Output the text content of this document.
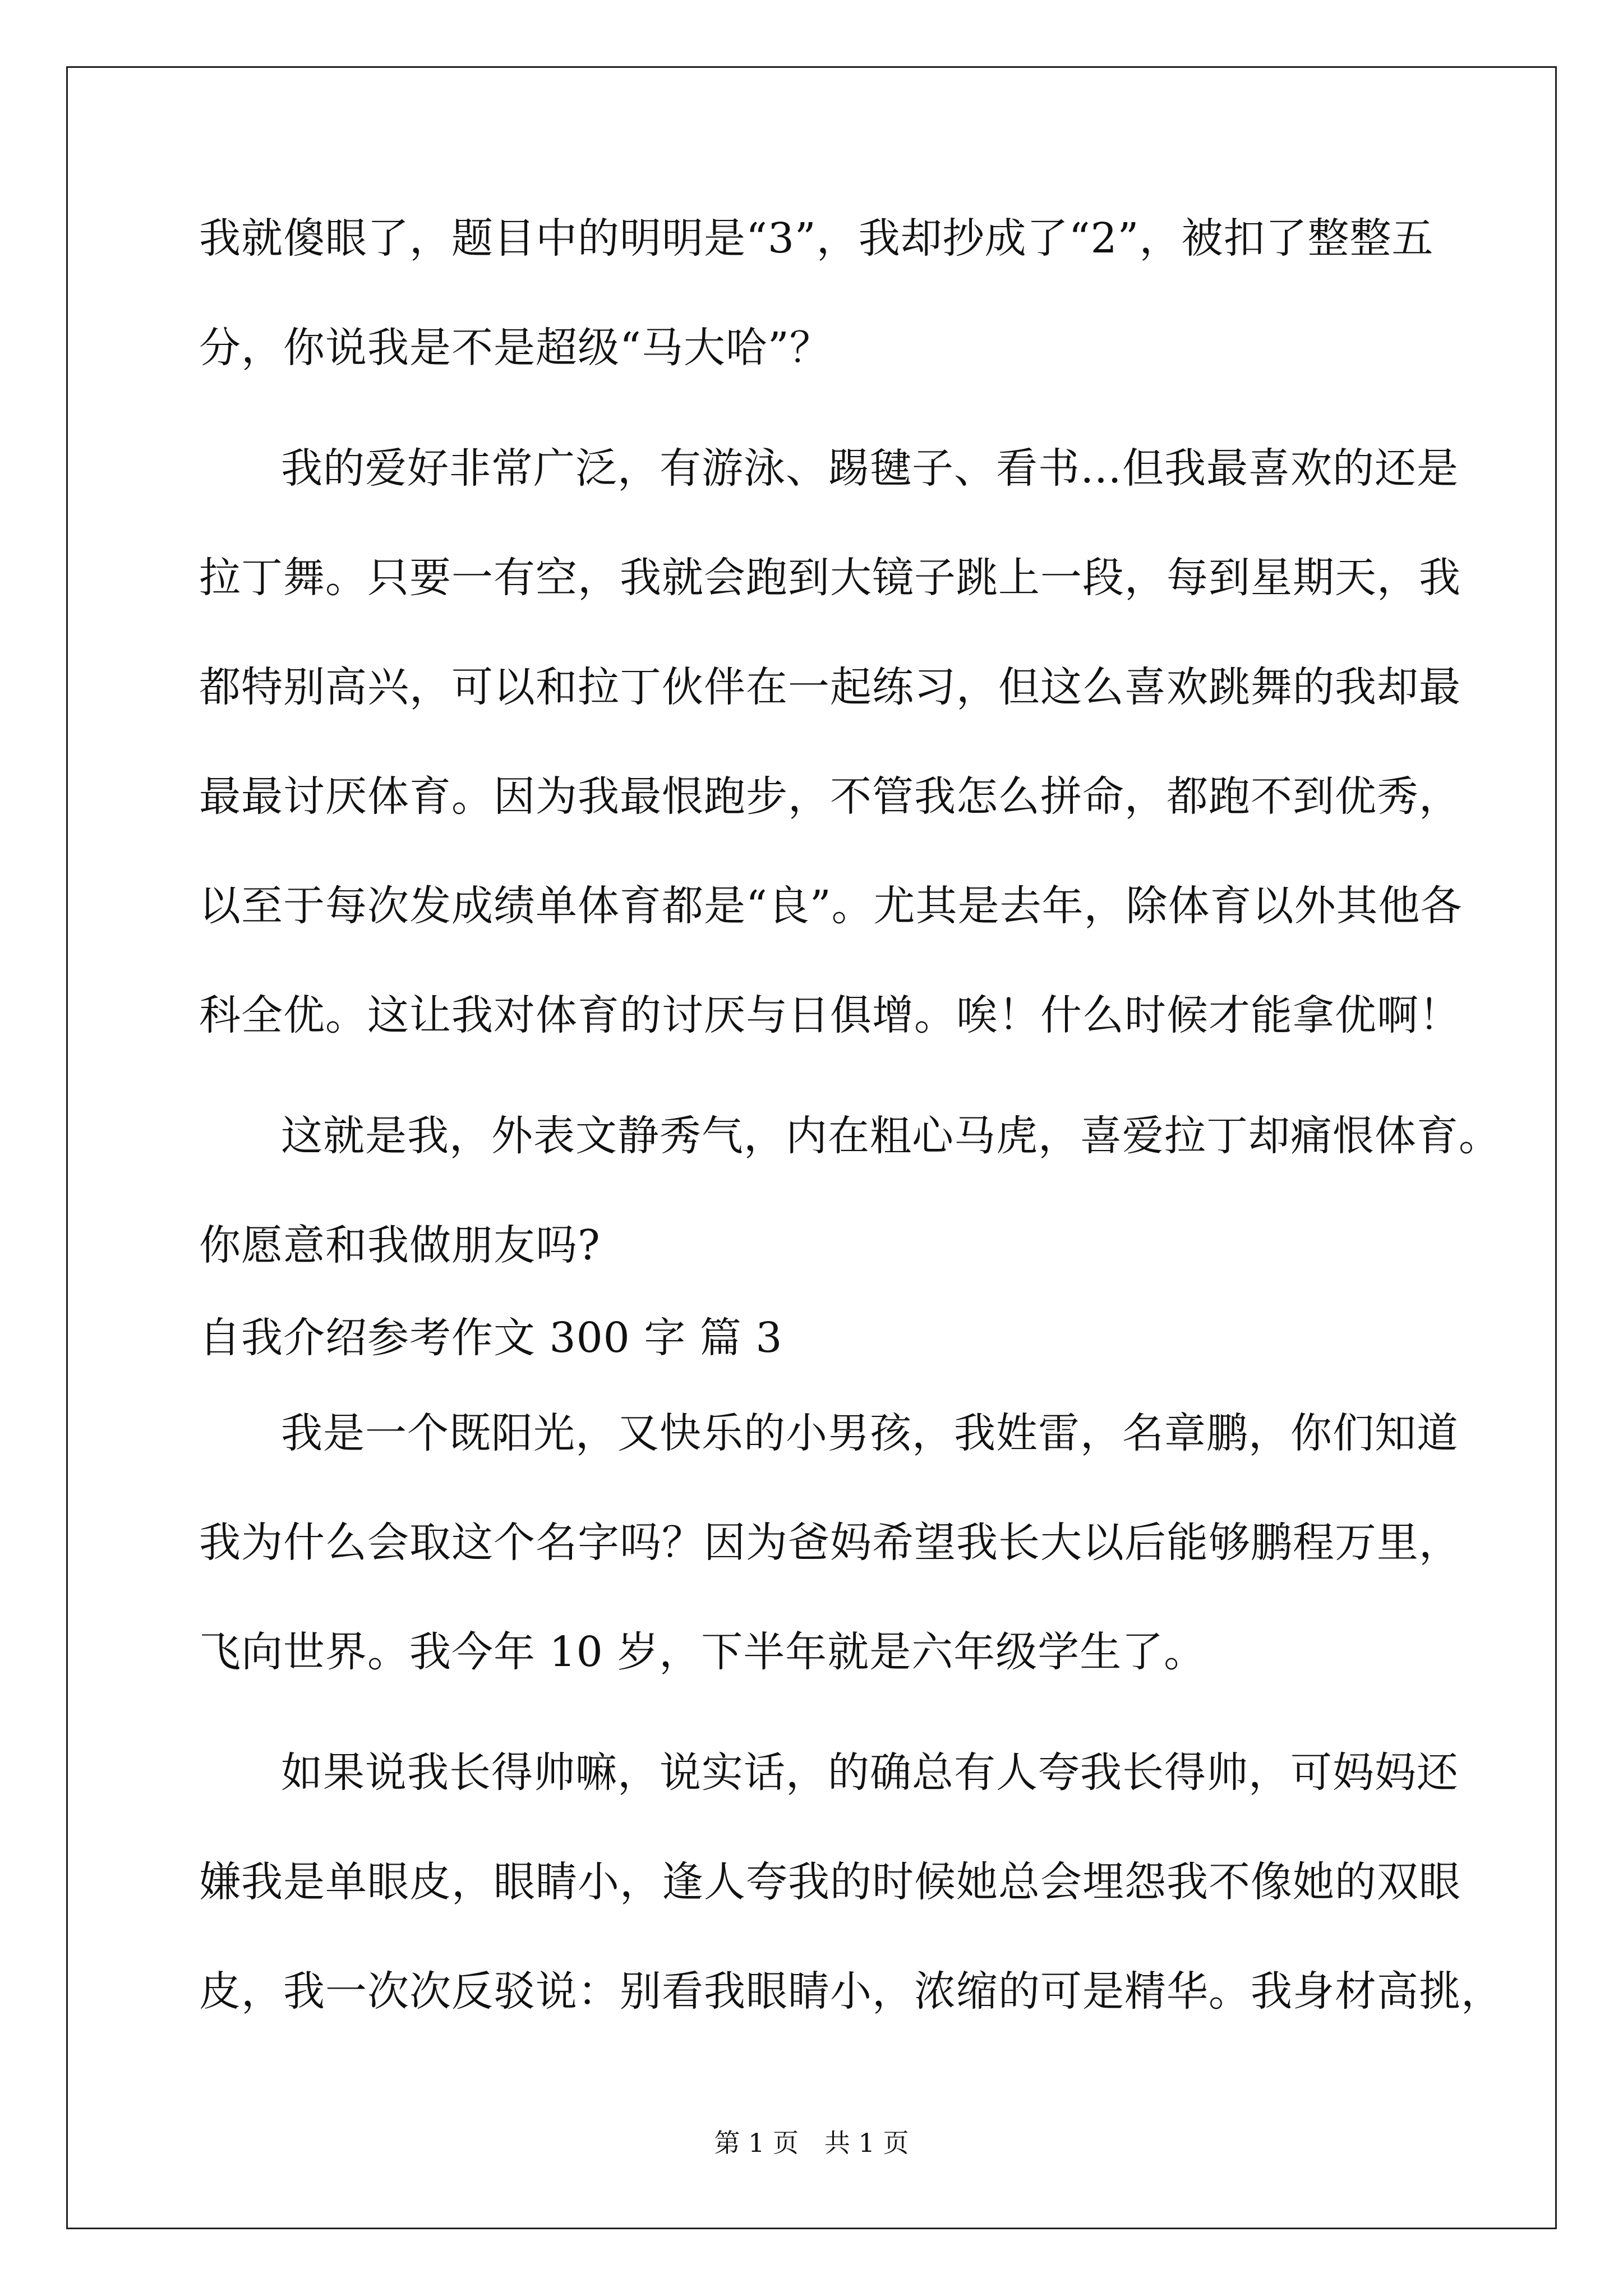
我就傻眼了，题目中的明明是“3”，我却抄成了“2”，被扣了整整五
分，你说我是不是超级“马大哈”？
我的爱好非常广泛，有游泳、踢毽子、看书…但我最喜欢的还是
拉丁舞。只要一有空，我就会跑到大镜子跳上一段，每到星期天，我
都特别高兴，可以和拉丁伙伴在一起练习，但这么喜欢跳舞的我却最
最最讨厌体育。因为我最恨跑步，不管我怎么拼命，都跑不到优秀，
以至于每次发成绩单体育都是“良”。尤其是去年，除体育以外其他各
科全优。这让我对体育的讨厌与日俱增。唉！什么时候才能拿优啊！
这就是我，外表文静秀气，内在粗心马虎，喜爱拉丁却痛恨体育。
你愿意和我做朋友吗?
自我介绍参考作文 300 字 篇 3
我是一个既阳光，又快乐的小男孩，我姓雷，名章鹏，你们知道
我为什么会取这个名字吗？因为爸妈希望我长大以后能够鹏程万里，
飞向世界。我今年 10 岁，下半年就是六年级学生了。
如果说我长得帅嘛，说实话，的确总有人夸我长得帅，可妈妈还
嫌我是单眼皮，眼睛小，逢人夸我的时候她总会埋怨我不像她的双眼
皮，我一次次反驳说：别看我眼睛小，浓缩的可是精华。我身材高挑，
第 1 页　共 1 页
